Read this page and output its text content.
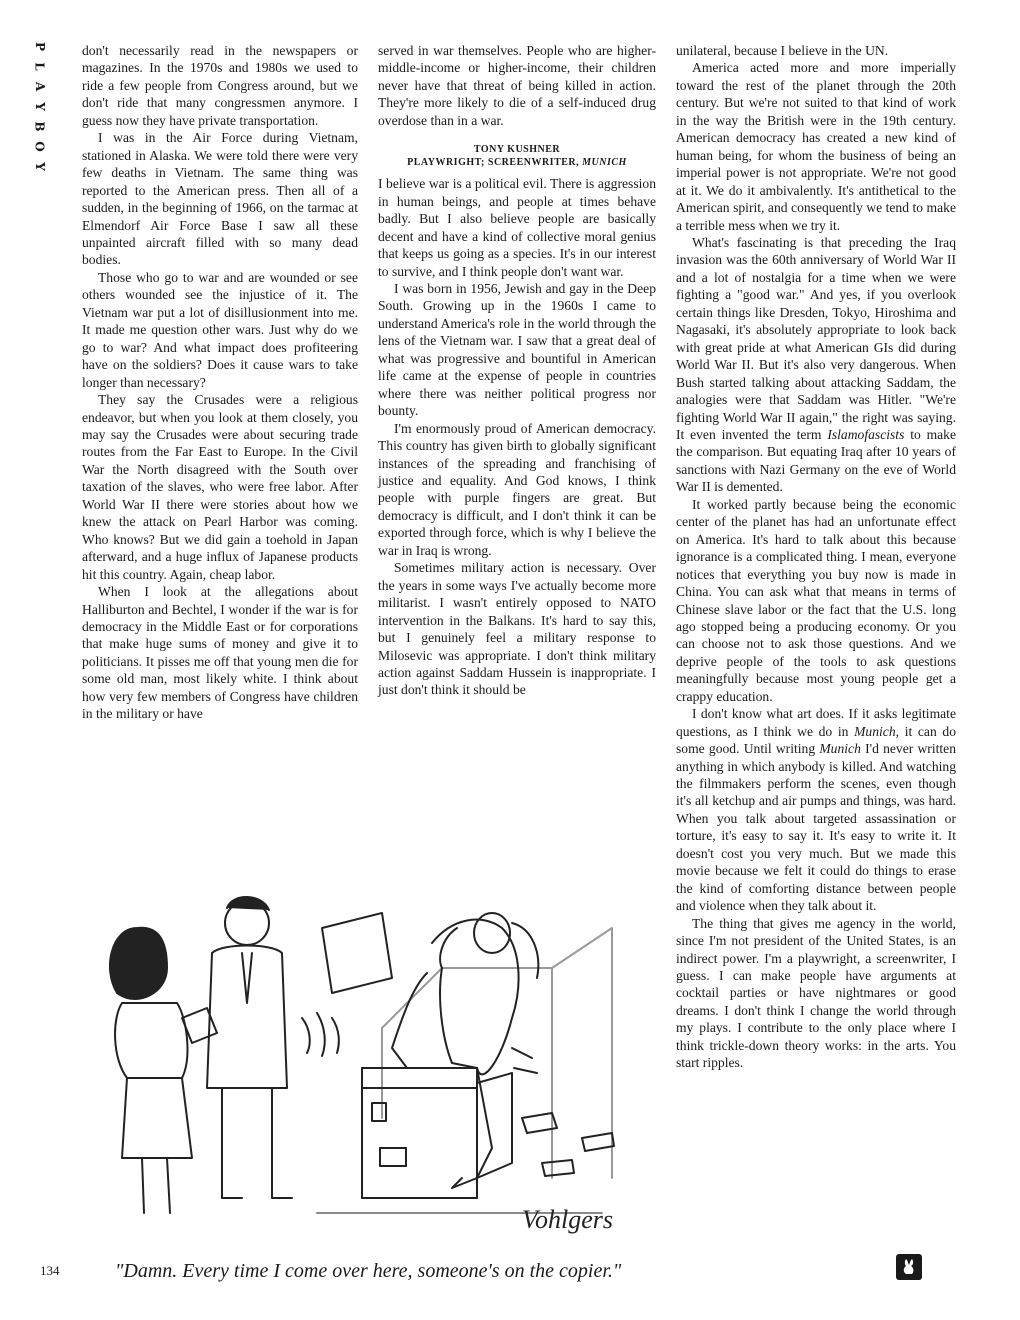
P
L
A
Y
B
O
Y

don't necessarily read in the newspapers or magazines. In the 1970s and 1980s we used to ride a few people from Congress around, but we don't ride that many congressmen anymore. I guess now they have private transportation.

I was in the Air Force during Vietnam, stationed in Alaska. We were told there were very few deaths in Vietnam. The same thing was reported to the American press. Then all of a sudden, in the beginning of 1966, on the tarmac at Elmendorf Air Force Base I saw all these unpainted aircraft filled with so many dead bodies.

Those who go to war and are wounded or see others wounded see the injustice of it. The Vietnam war put a lot of disillusionment into me. It made me question other wars. Just why do we go to war? And what impact does profiteering have on the soldiers? Does it cause wars to take longer than necessary?

They say the Crusades were a religious endeavor, but when you look at them closely, you may say the Crusades were about securing trade routes from the Far East to Europe. In the Civil War the North disagreed with the South over taxation of the slaves, who were free labor. After World War II there were stories about how we knew the attack on Pearl Harbor was coming. Who knows? But we did gain a toehold in Japan afterward, and a huge influx of Japanese products hit this country. Again, cheap labor.

When I look at the allegations about Halliburton and Bechtel, I wonder if the war is for democracy in the Middle East or for corporations that make huge sums of money and give it to politicians. It pisses me off that young men die for some old man, most likely white. I think about how very few members of Congress have children in the military or have

served in war themselves. People who are higher-middle-income or higher-income, their children never have that threat of being killed in action. They're more likely to die of a self-induced drug overdose than in a war.

TONY KUSHNER
PLAYWRIGHT; SCREENWRITER, MUNICH

I believe war is a political evil. There is aggression in human beings, and people at times behave badly. But I also believe people are basically decent and have a kind of collective moral genius that keeps us going as a species. It's in our interest to survive, and I think people don't want war.

I was born in 1956, Jewish and gay in the Deep South. Growing up in the 1960s I came to understand America's role in the world through the lens of the Vietnam war. I saw that a great deal of what was progressive and bountiful in American life came at the expense of people in countries where there was neither political progress nor bounty.

I'm enormously proud of American democracy. This country has given birth to globally significant instances of the spreading and franchising of justice and equality. And God knows, I think people with purple fingers are great. But democracy is difficult, and I don't think it can be exported through force, which is why I believe the war in Iraq is wrong.

Sometimes military action is necessary. Over the years in some ways I've actually become more militarist. I wasn't entirely opposed to NATO intervention in the Balkans. It's hard to say this, but I genuinely feel a military response to Milosevic was appropriate. I don't think military action against Saddam Hussein is inappropriate. I just don't think it should be

unilateral, because I believe in the UN.

America acted more and more imperially toward the rest of the planet through the 20th century. But we're not suited to that kind of work in the way the British were in the 19th century. American democracy has created a new kind of human being, for whom the business of being an imperial power is not appropriate. We're not good at it. We do it ambivalently. It's antithetical to the American spirit, and consequently we tend to make a terrible mess when we try it.

What's fascinating is that preceding the Iraq invasion was the 60th anniversary of World War II and a lot of nostalgia for a time when we were fighting a "good war." And yes, if you overlook certain things like Dresden, Tokyo, Hiroshima and Nagasaki, it's absolutely appropriate to look back with great pride at what American GIs did during World War II. But it's also very dangerous. When Bush started talking about attacking Saddam, the analogies were that Saddam was Hitler. "We're fighting World War II again," the right was saying. It even invented the term Islamofascists to make the comparison. But equating Iraq after 10 years of sanctions with Nazi Germany on the eve of World War II is demented.

It worked partly because being the economic center of the planet has had an unfortunate effect on America. It's hard to talk about this because ignorance is a complicated thing. I mean, everyone notices that everything you buy now is made in China. You can ask what that means in terms of Chinese slave labor or the fact that the U.S. long ago stopped being a producing economy. Or you can choose not to ask those questions. And we deprive people of the tools to ask questions meaningfully because most young people get a crappy education.

I don't know what art does. If it asks legitimate questions, as I think we do in Munich, it can do some good. Until writing Munich I'd never written anything in which anybody is killed. And watching the filmmakers perform the scenes, even though it's all ketchup and air pumps and things, was hard. When you talk about targeted assassination or torture, it's easy to say it. It's easy to write it. It doesn't cost you very much. But we made this movie because we felt it could do things to erase the kind of comforting distance between people and violence when they talk about it.

The thing that gives me agency in the world, since I'm not president of the United States, is an indirect power. I'm a playwright, a screenwriter, I guess. I can make people have arguments at cocktail parties or have nightmares or good dreams. I don't think I change the world through my plays. I contribute to the only place where I think trickle-down theory works: in the arts. You start ripples.

Vohlgers
134	"Damn. Every time I come over here, someone's on the copier."
